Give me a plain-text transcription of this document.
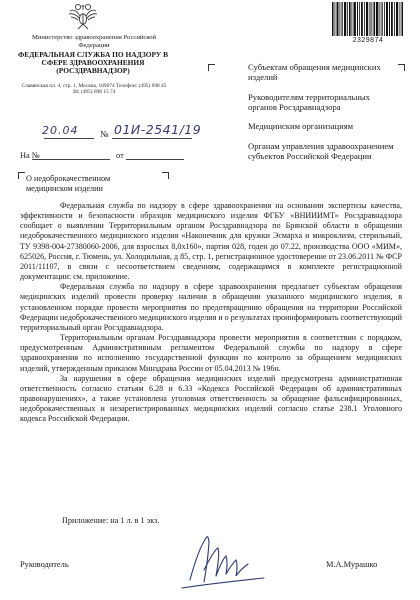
Министерство здравоохранения Российской Федерации
ФЕДЕРАЛЬНАЯ СЛУЖБА ПО НАДЗОРУ В СФЕРЕ ЗДРАВООХРАНЕНИЯ (РОСЗДРАВНАДЗОР)
Славянская пл. 4, стр. 1, Москва, 109074 Телефон: (495) 698 45 38; (495) 698 15 74
20.04 № 01И-2541/19
На №	от
О недоброкачественном медицинском изделии
2329874

Субъектам обращения медицинских изделий

Руководителям территориальных органов Росздравнадзора

Медицинским организациям

Органам управления здравоохранением субъектов Российской Федерации

Федеральная служба по надзору в сфере здравоохранения на основании экспертизы качества, эффективности и безопасности образцов медицинского изделия ФГБУ «ВНИИИМТ» Росздравнадзора сообщает о выявлении Территориальным органом Росздравнадзора по Брянской области в обращении недоброкачественного медицинского изделия «Наконечник для кружки Эсмарха и микроклизм, стерильный, ТУ 9398-004-27380060-2006, для взрослых 8,0х160», партия 028, годен до 07.22, производства ООО «МИМ», 625026, Россия, г. Тюмень, ул. Холодильная, д 85, стр. 1, регистрационное удостоверение от 23.06.2011 № ФСР 2011/11107, в связи с несоответствием сведениям, содержащимся в комплекте регистрационной документации: см. приложение.

Федеральная служба по надзору в сфере здравоохранения предлагает субъектам обращения медицинских изделий провести проверку наличия в обращении указанного медицинского изделия, в установленном порядке провести мероприятия по предотвращению обращения на территории Российской Федерации недоброкачественного медицинского изделия и о результатах проинформировать соответствующий территориальный орган Росздравнадзора.

Территориальным органам Росздравнадзора провести мероприятия в соответствии с порядком, предусмотренным Административным регламентом Федеральной службы по надзору в сфере здравоохранения по исполнению государственной функции по контролю за обращением медицинских изделий, утвержденным приказом Минздрава России от 05.04.2013 № 196н.

За нарушения в сфере обращения медицинских изделий предусмотрена административная ответственность согласно статьям 6.28 и 6.33 «Кодекса Российской Федерации об административных правонарушениях», а также установлена уголовная ответственность за обращение фальсифицированных, недоброкачественных и незарегистрированных медицинских изделий согласно статье 238.1 Уголовного кодекса Российской Федерации.

Приложение: на 1 л. в 1 экз.
Руководитель	М.А.Мурашко
